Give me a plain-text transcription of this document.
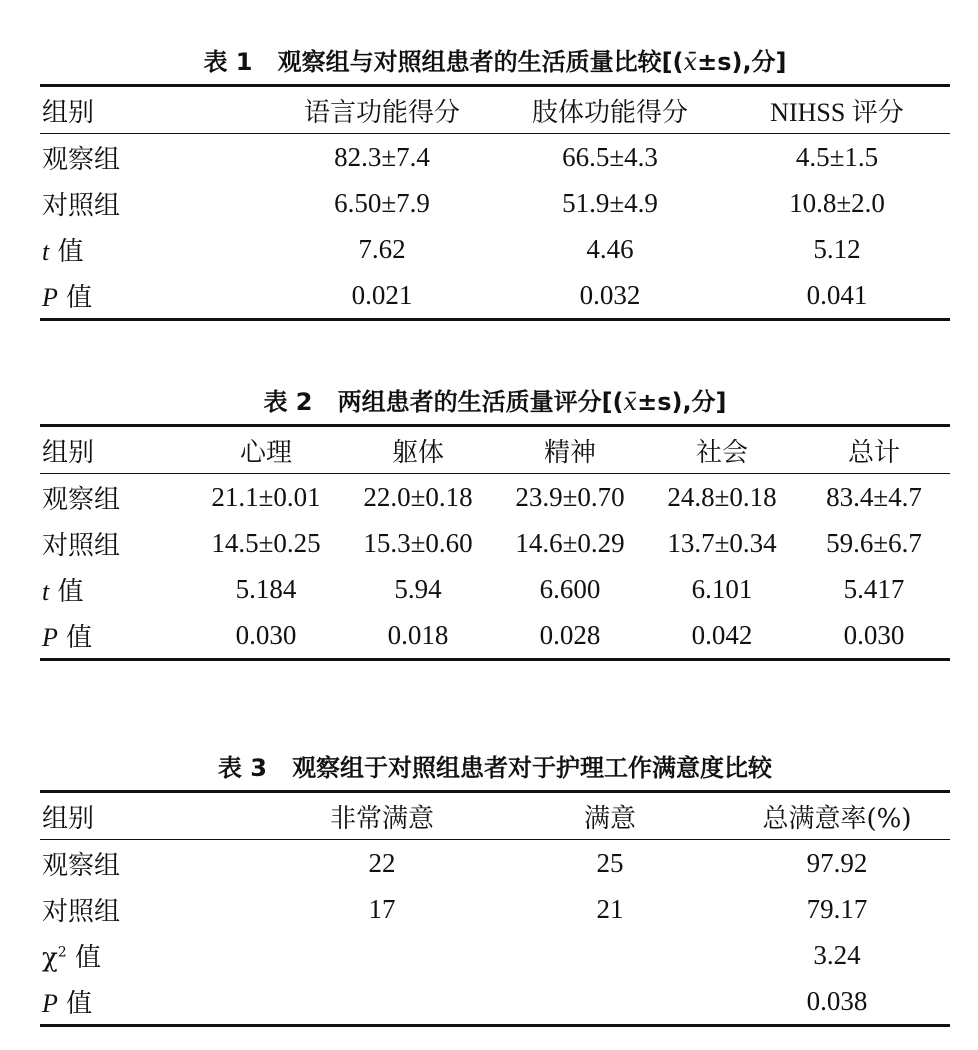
表 1 观察组与对照组患者的生活质量比较[(x̄±s),分]
组别	语言功能得分	肢体功能得分	NIHSS 评分
观察组	82.3±7.4	66.5±4.3	4.5±1.5
对照组	6.50±7.9	51.9±4.9	10.8±2.0
t 值	7.62	4.46	5.12
P 值	0.021	0.032	0.041
表 2 两组患者的生活质量评分[(x̄±s),分]
组别	心理	躯体	精神	社会	总计
观察组	21.1±0.01	22.0±0.18	23.9±0.70	24.8±0.18	83.4±4.7
对照组	14.5±0.25	15.3±0.60	14.6±0.29	13.7±0.34	59.6±6.7
t 值	5.184	5.94	6.600	6.101	5.417
P 值	0.030	0.018	0.028	0.042	0.030
表 3 观察组于对照组患者对于护理工作满意度比较
组别	非常满意	满意	总满意率(%)
观察组	22	25	97.92
对照组	17	21	79.17
$\chi^2$ 值			3.24
P 值			0.038
